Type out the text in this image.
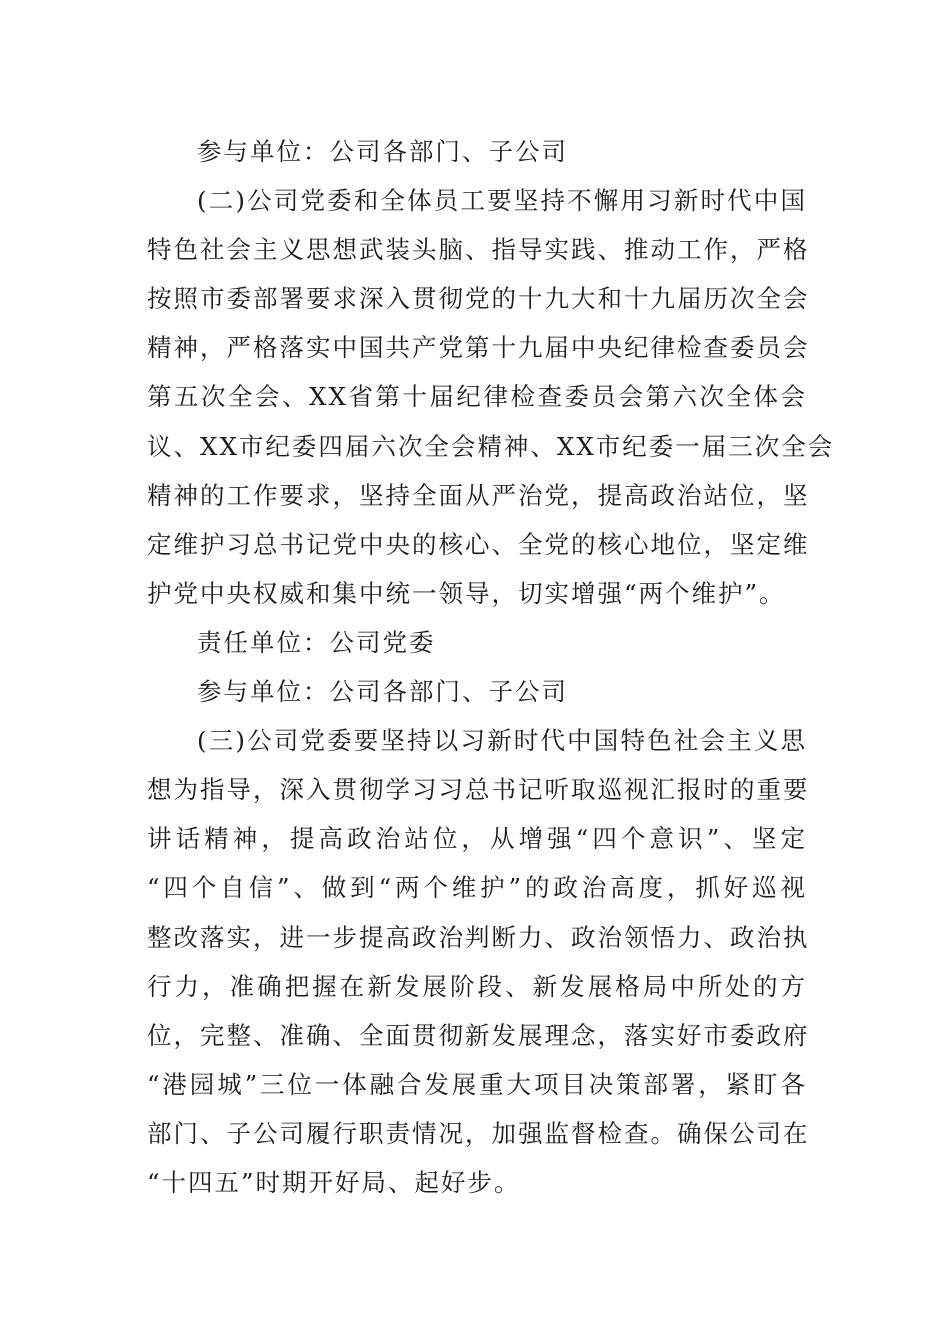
参与单位：公司各部门、子公司
(二)公司党委和全体员工要坚持不懈用习新时代中国
特色社会主义思想武装头脑、指导实践、推动工作，严格
按照市委部署要求深入贯彻党的十九大和十九届历次全会
精神，严格落实中国共产党第十九届中央纪律检查委员会
第五次全会、XX省第十届纪律检查委员会第六次全体会
议、XX市纪委四届六次全会精神、XX市纪委一届三次全会
精神的工作要求，坚持全面从严治党，提高政治站位，坚
定维护习总书记党中央的核心、全党的核心地位，坚定维
护党中央权威和集中统一领导，切实增强“两个维护”。
责任单位：公司党委
参与单位：公司各部门、子公司
(三)公司党委要坚持以习新时代中国特色社会主义思
想为指导，深入贯彻学习习总书记听取巡视汇报时的重要
讲话精神，提高政治站位，从增强“四个意识”、坚定
“四个自信”、做到“两个维护”的政治高度，抓好巡视
整改落实，进一步提高政治判断力、政治领悟力、政治执
行力，准确把握在新发展阶段、新发展格局中所处的方
位，完整、准确、全面贯彻新发展理念，落实好市委政府
“港园城”三位一体融合发展重大项目决策部署，紧盯各
部门、子公司履行职责情况，加强监督检查。确保公司在
“十四五”时期开好局、起好步。
